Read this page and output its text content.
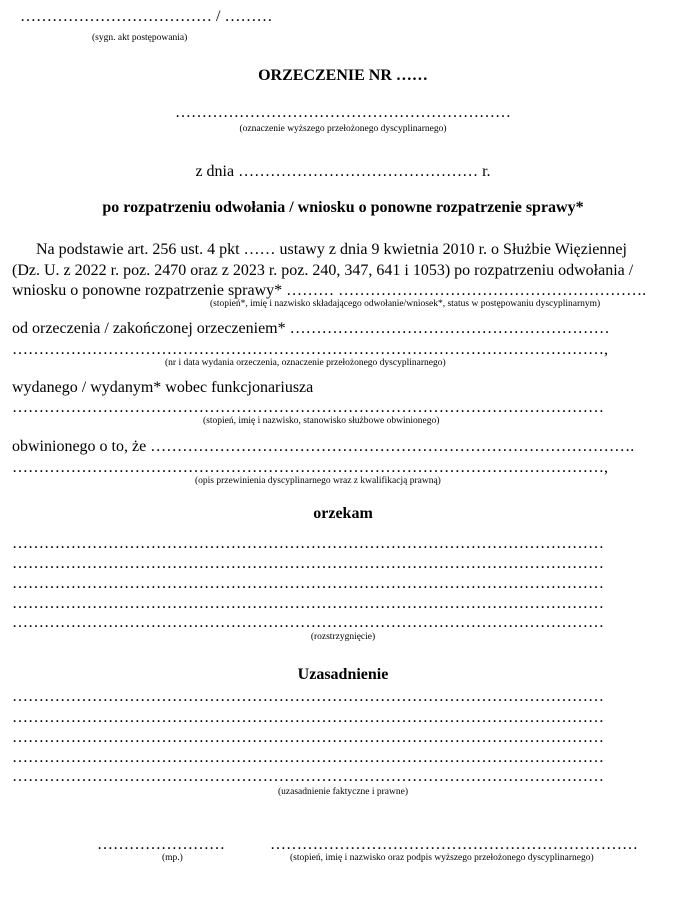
……………………………… / ………
(sygn. akt postępowania)
ORZECZENIE NR ……
………………………………………………………
(oznaczenie wyższego przełożonego dyscyplinarnego)
z dnia ……………………………………… r.
po rozpatrzeniu odwołania / wniosku o ponowne rozpatrzenie sprawy*
Na podstawie art. 256 ust. 4 pkt …… ustawy z dnia 9 kwietnia 2010 r. o Służbie Więziennej
(Dz. U. z 2022 r. poz. 2470 oraz z 2023 r. poz. 240, 347, 641 i 1053) po rozpatrzeniu odwołania /
wniosku o ponowne rozpatrzenie sprawy* ……… ………………………………………………….
(stopień*, imię i nazwisko składającego odwołanie/wniosek*, status w postępowaniu dyscyplinarnym)
od orzeczenia / zakończonej orzeczeniem* ……………………………………………………
…………………………………………………………………………………………………,
(nr i data wydania orzeczenia, oznaczenie przełożonego dyscyplinarnego)
wydanego / wydanym* wobec funkcjonariusza
…………………………………………………………………………………………………
(stopień, imię i nazwisko, stanowisko służbowe obwinionego)
obwinionego o to, że ……………………………………………………………………………….
…………………………………………………………………………………………………,
(opis przewinienia dyscyplinarnego wraz z kwalifikacją prawną)
orzekam
…………………………………………………………………………………………………
…………………………………………………………………………………………………
…………………………………………………………………………………………………
…………………………………………………………………………………………………
…………………………………………………………………………………………………
(rozstrzygnięcie)
Uzasadnienie
…………………………………………………………………………………………………
…………………………………………………………………………………………………
…………………………………………………………………………………………………
…………………………………………………………………………………………………
…………………………………………………………………………………………………
(uzasadnienie faktyczne i prawne)
……………………
(mp.)
……………………………………………………………
(stopień, imię i nazwisko oraz podpis wyższego przełożonego dyscyplinarnego)
